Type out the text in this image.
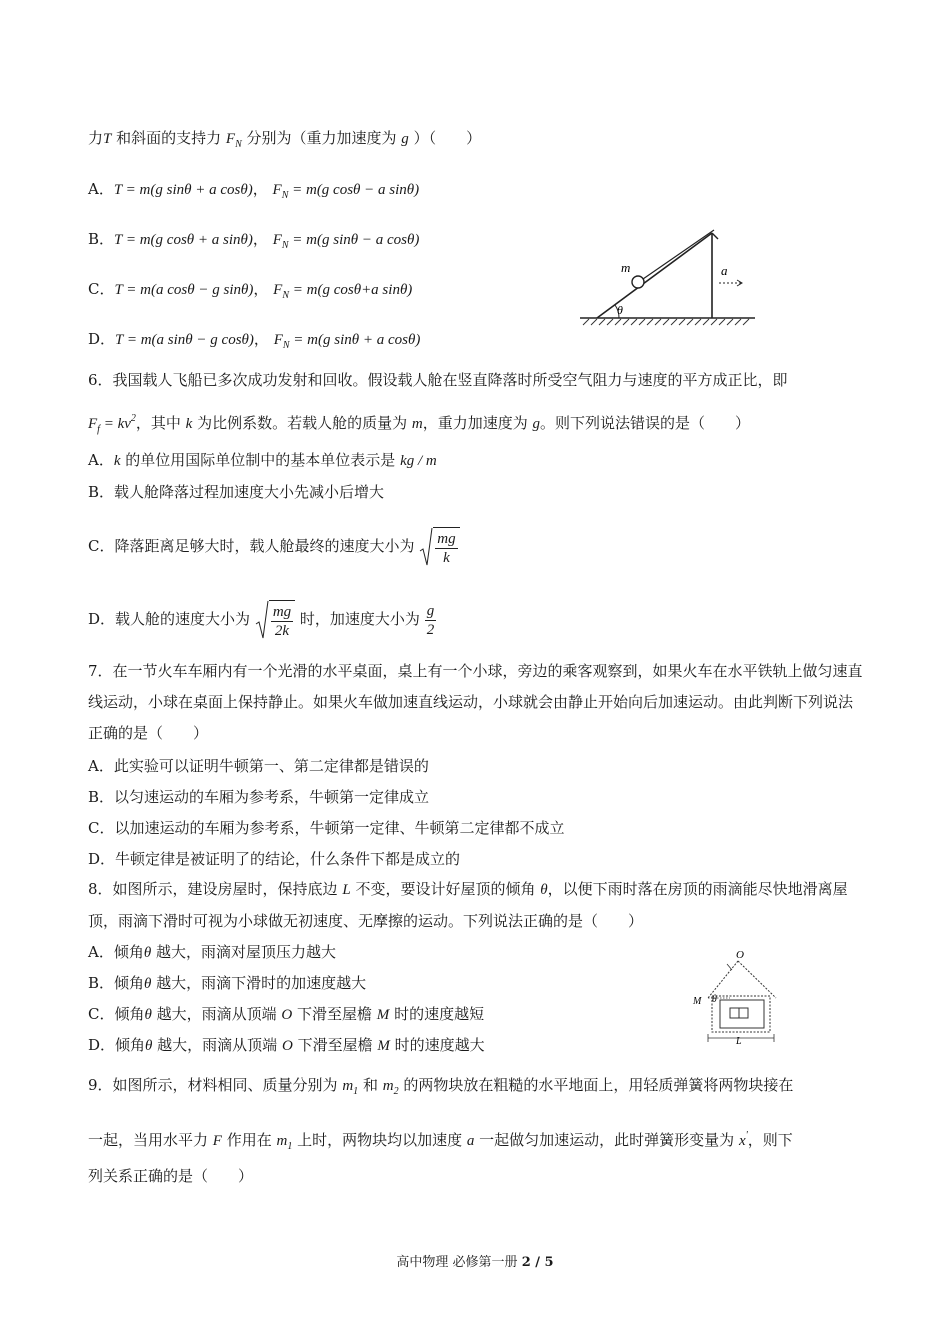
力T 和斜面的支持力 $F_N$ 分别为（重力加速度为 g ）（　　）
A．T = m(g sinθ + a cosθ)， $F_N = m(g$ cosθ − a sinθ)
B．T = m(g cosθ + a sinθ)， $F_N = m(g$ sinθ − a cosθ)
C．T = m(a cosθ − g sinθ)， $F_N = m(g$ cosθ+a sinθ)
D．T = m(a sinθ − g cosθ)， $F_N = m(g$ sinθ + a cosθ)
m
θ
a
6．我国载人飞船已多次成功发射和回收。假设载人舱在竖直降落时所受空气阻力与速度的平方成正比，即
$F_f = kv^2$，其中 k 为比例系数。若载人舱的质量为 m，重力加速度为 g。则下列说法错误的是（　　）
A．k 的单位用国际单位制中的基本单位表示是 kg / m
B．载人舱降落过程加速度大小先减小后增大
C．降落距离足够大时，载人舱最终的速度大小为 $\frac{mg}{k}$
D．载人舱的速度大小为 $\frac{mg}{2k}$ 时，加速度大小为 $\frac{g}{2}$
7．在一节火车车厢内有一个光滑的水平桌面，桌上有一个小球，旁边的乘客观察到，如果火车在水平铁轨上做匀速直线运动，小球在桌面上保持静止。如果火车做加速直线运动，小球就会由静止开始向后加速运动。由此判断下列说法正确的是（　　）
A．此实验可以证明牛顿第一、第二定律都是错误的
B．以匀速运动的车厢为参考系，牛顿第一定律成立
C．以加速运动的车厢为参考系，牛顿第一定律、牛顿第二定律都不成立
D．牛顿定律是被证明了的结论，什么条件下都是成立的
8．如图所示，建设房屋时，保持底边 L 不变，要设计好屋顶的倾角 θ，以便下雨时落在房顶的雨滴能尽快地滑离屋顶，雨滴下滑时可视为小球做无初速度、无摩擦的运动。下列说法正确的是（　　）
A．倾角θ 越大，雨滴对屋顶压力越大
B．倾角θ 越大，雨滴下滑时的加速度越大
C．倾角θ 越大，雨滴从顶端 O 下滑至屋檐 M 时的速度越短
D．倾角θ 越大，雨滴从顶端 O 下滑至屋檐 M 时的速度越大
O
M θ
L
9．如图所示，材料相同、质量分别为 $m_1$ 和 $m_2$ 的两物块放在粗糙的水平地面上，用轻质弹簧将两物块接在
一起，当用水平力 F 作用在 $m_1$ 上时，两物块均以加速度 a 一起做匀加速运动，此时弹簧形变量为 x'，则下
列关系正确的是（　　）
高中物理 必修第一册 2 / 5
